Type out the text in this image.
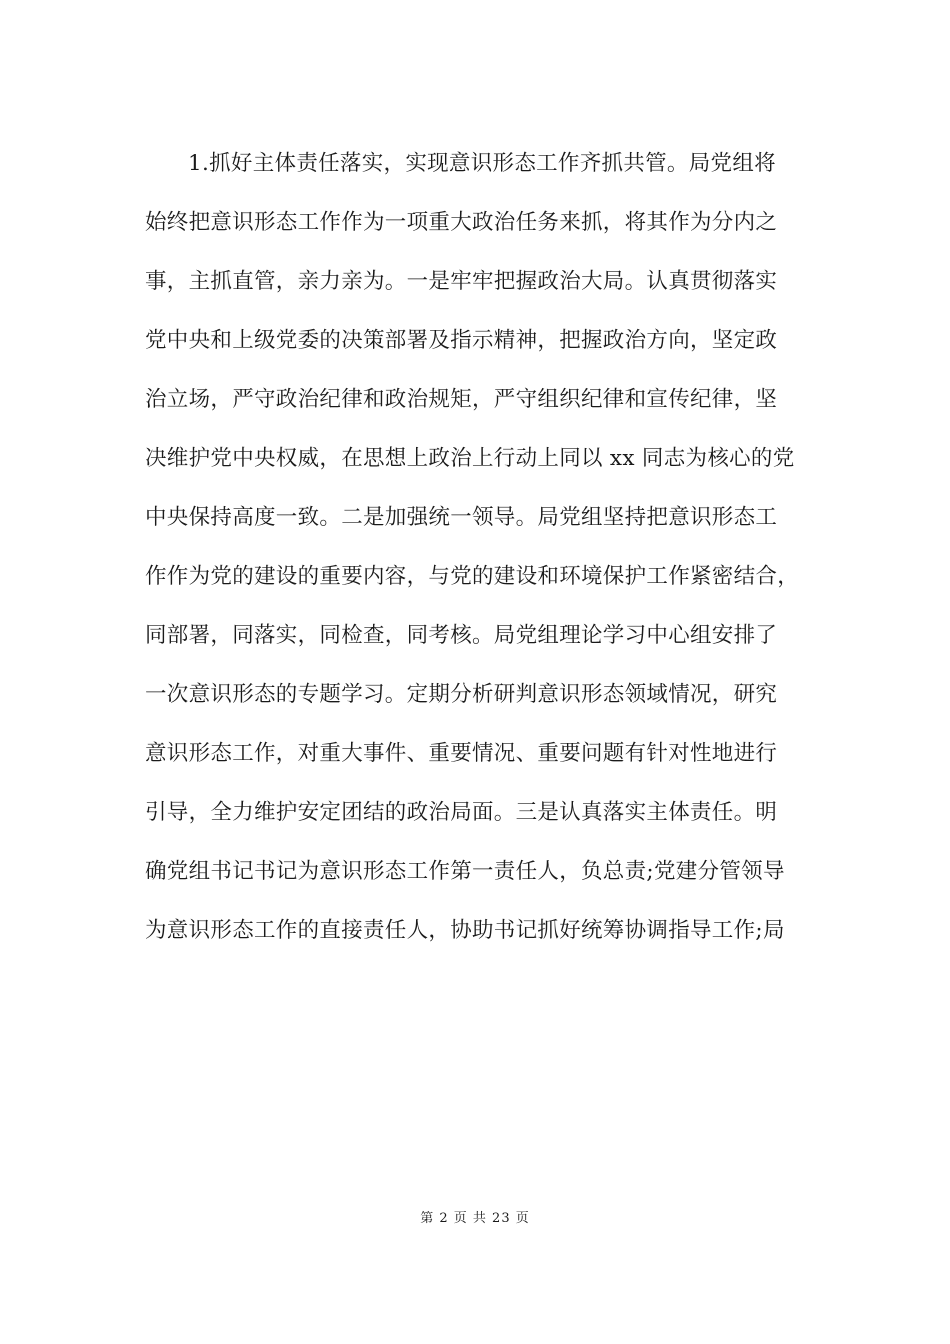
1.抓好主体责任落实，实现意识形态工作齐抓共管。局党组将
始终把意识形态工作作为一项重大政治任务来抓，将其作为分内之
事，主抓直管，亲力亲为。一是牢牢把握政治大局。认真贯彻落实
党中央和上级党委的决策部署及指示精神，把握政治方向，坚定政
治立场，严守政治纪律和政治规矩，严守组织纪律和宣传纪律，坚
决维护党中央权威，在思想上政治上行动上同以 xx 同志为核心的党
中央保持高度一致。二是加强统一领导。局党组坚持把意识形态工
作作为党的建设的重要内容，与党的建设和环境保护工作紧密结合，
同部署，同落实，同检查，同考核。局党组理论学习中心组安排了
一次意识形态的专题学习。定期分析研判意识形态领域情况，研究
意识形态工作，对重大事件、重要情况、重要问题有针对性地进行
引导，全力维护安定团结的政治局面。三是认真落实主体责任。明
确党组书记书记为意识形态工作第一责任人，负总责;党建分管领导
为意识形态工作的直接责任人，协助书记抓好统筹协调指导工作;局
第 2 页 共 23 页
